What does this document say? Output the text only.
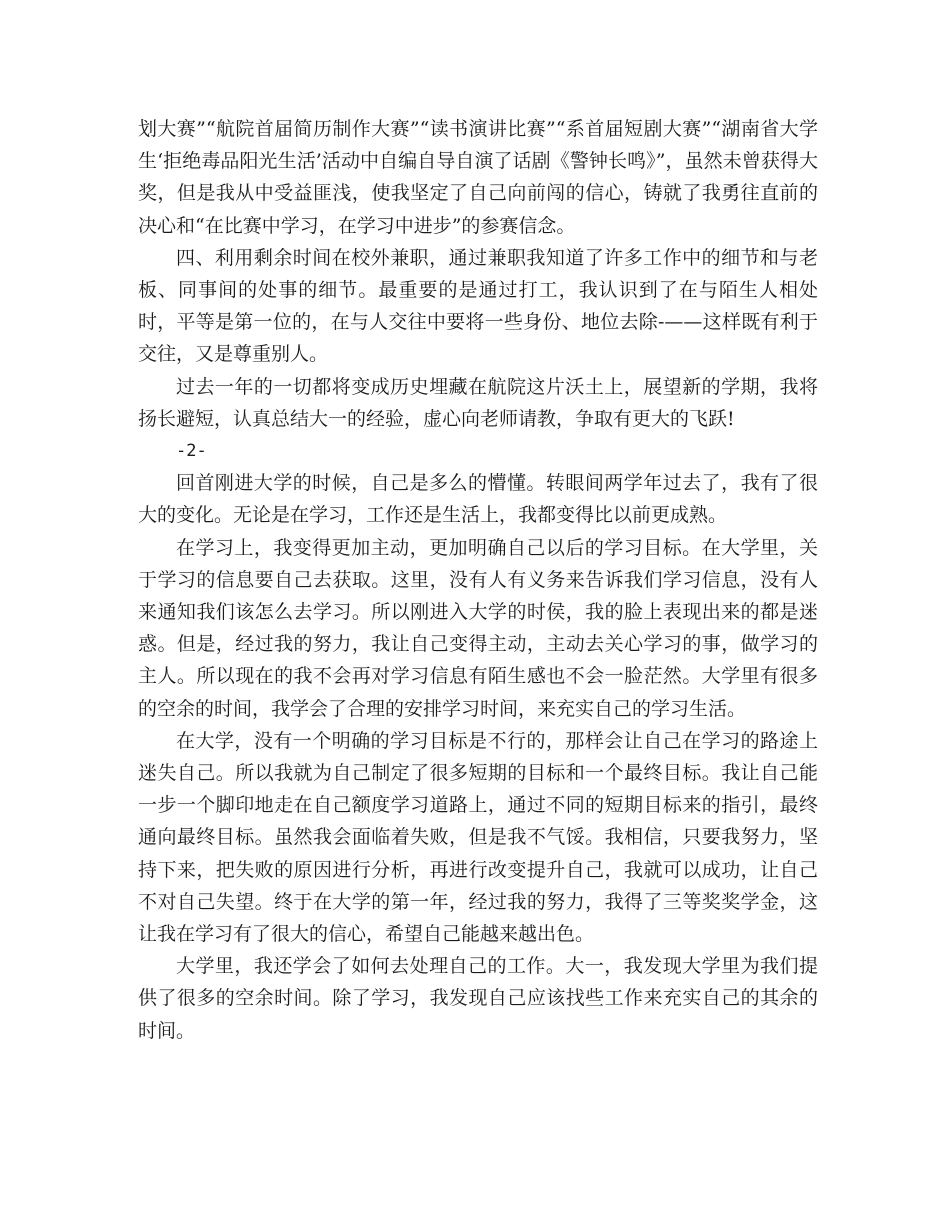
划大赛”“航院首届简历制作大赛”“读书演讲比赛”“系首届短剧大赛”“湖南省大学生‘拒绝毒品阳光生活’活动中自编自导自演了话剧《警钟长鸣》”，虽然未曾获得大奖，但是我从中受益匪浅，使我坚定了自己向前闯的信心，铸就了我勇往直前的决心和“在比赛中学习，在学习中进步”的参赛信念。

四、利用剩余时间在校外兼职，通过兼职我知道了许多工作中的细节和与老板、同事间的处事的细节。最重要的是通过打工，我认识到了在与陌生人相处时，平等是第一位的，在与人交往中要将一些身份、地位去除-——这样既有利于交往，又是尊重别人。

过去一年的一切都将变成历史埋藏在航院这片沃土上，展望新的学期，我将扬长避短，认真总结大一的经验，虚心向老师请教，争取有更大的飞跃!

-2-

回首刚进大学的时候，自己是多么的懵懂。转眼间两学年过去了，我有了很大的变化。无论是在学习，工作还是生活上，我都变得比以前更成熟。

在学习上，我变得更加主动，更加明确自己以后的学习目标。在大学里，关于学习的信息要自己去获取。这里，没有人有义务来告诉我们学习信息，没有人来通知我们该怎么去学习。所以刚进入大学的时侯，我的脸上表现出来的都是迷惑。但是，经过我的努力，我让自己变得主动，主动去关心学习的事，做学习的主人。所以现在的我不会再对学习信息有陌生感也不会一脸茫然。大学里有很多的空余的时间，我学会了合理的安排学习时间，来充实自己的学习生活。

在大学，没有一个明确的学习目标是不行的，那样会让自己在学习的路途上迷失自己。所以我就为自己制定了很多短期的目标和一个最终目标。我让自己能一步一个脚印地走在自己额度学习道路上，通过不同的短期目标来的指引，最终通向最终目标。虽然我会面临着失败，但是我不气馁。我相信，只要我努力，坚持下来，把失败的原因进行分析，再进行改变提升自己，我就可以成功，让自己不对自己失望。终于在大学的第一年，经过我的努力，我得了三等奖奖学金，这让我在学习有了很大的信心，希望自己能越来越出色。

大学里，我还学会了如何去处理自己的工作。大一，我发现大学里为我们提供了很多的空余时间。除了学习，我发现自己应该找些工作来充实自己的其余的时间。
